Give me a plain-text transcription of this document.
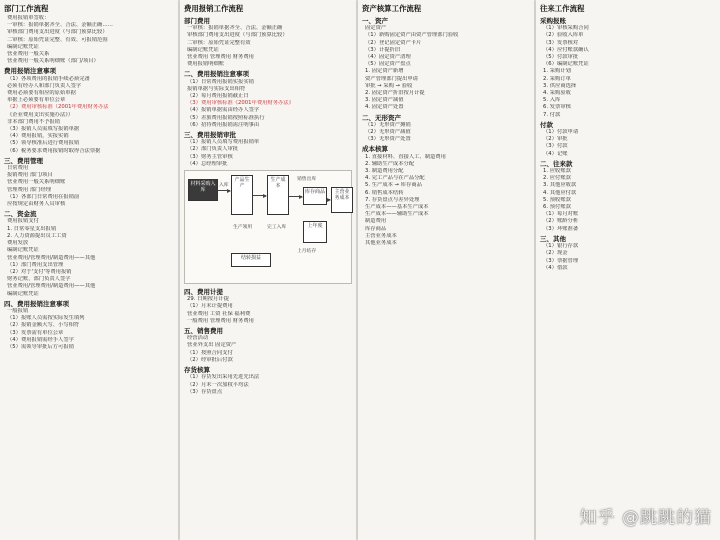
部门工作流程
费用报销单签收：
一审核：报销单据齐全、合法、金额正确……
审核部门费用支出进度（与部门预算比较）
二审核：原始凭证完整、有效、可报销范围
编制记账凭证
营业费用一般关系
营业费用一般关系明细账（部门/项目）
费用报销注意事项
（1）各项费用的报销手续必须完备
必须有经办人和部门负责人签字
费用必须要有相应的原始单据
单据上必须要有单位公章
（2）费用审核标准（2001年费用财务办法
《企业费用支出实施办法》）
非本部门费用不予报销
（3）报销人员需填写报销单据
（4）费用报销，实报实销
（5）领导核准后进行费用报销
（6）税务要求费用报销时取得合法票据
三、费用管理
日常费用
报销费用 部门/项目
营业费用一般关系明细账
管理费用 部门经理
（1）各部门日常费用在报销前
应按规定由财务人员审核
二、资金流
费用报销支付
1. 日常零星支出报销
2. 人力资源提出员工工资
费用发放
编制记账凭证
营业费用/管理费用/制造费用——其他
（1）部门费用支出管理
（2）对于'支付'等费用报销
财务记账，部门负责人签字
营业费用/管理费用/制造费用——其他
编制记账凭证
四、费用报销注意事项
一般报销
（1）报账人员需按实际发生填列
（2）报销金额大写、小写相符
（3）发票需有单位公章
（4）费用报销需经手人签字
（5）需领导审批后方可报销
费用报销工作流程
部门费用
一审核：报销单据齐全、合法、金额正确
审核部门费用支出进度（与部门预算比较）
二审核：原始凭证完整有效
编制记账凭证
营业费用 管理费用 财务费用
费用报销明细账
二、费用报销注意事项
（1）日常费用报销实报实销
报销单据与实际支出相符
（2）每月费用报销截止日
（3）费用审核标准《2001年费用财务办法》
（4）报销单据需由经办人签字
（5）差旅费用报销按照标准执行
（6）招待费用报销需注明事由
三、费用报销审批
（1）报销人员填写费用报销单
（2）部门负责人审批
（3）财务主管审核
（4）总经理审批
材料采购入库
产品生产
生产成本
库存商品
上年度
主营业务成本
结转损益
入库
生产领用	完工入库
销售出库
上月结存
四、费用计提
29. 日期按月计提
（1）月末计提费用
营业费用 工资 社保 福利费
一般费用 管理费用 财务费用
五、销售费用
经营活动
营业外支出 固定资产
（1）按照合同支付
（2）经审批后付款
存货核算
（1）存货发出采用先进先出法
（2）月末一次加权平均法
（3）存货盘点
资产核算工作流程
一、资产
固定资产
（1）新购固定资产由资产管理部门验收
（2）登记固定资产卡片
（3）计提折旧
（4）固定资产清理
（5）固定资产盘点
1. 固定资产新增
资产管理部门提出申请
审批 → 采购 → 验收
2. 固定资产折旧按月计提
3. 固定资产减值
4. 固定资产处置
二、无形资产
（1）无形资产摊销
（2）无形资产减值
（3）无形资产处置
成本核算
1. 直接材料、直接人工、制造费用
2. 辅助生产成本分配
3. 制造费用分配
4. 完工产品与在产品分配
5. 生产成本 → 库存商品
6. 销售成本结转
7. 存货盘点与差异处理
生产成本——基本生产成本
生产成本——辅助生产成本
制造费用
库存商品
主营业务成本
其他业务成本
往来工作流程
采购报账
（1）审核采购合同
（2）验收入库单
（3）发票核对
（4）应付账款确认
（5）付款审批
（6）编制记账凭证
1. 采购计划
2. 采购订单
3. 供应商选择
4. 采购验收
5. 入库
6. 发票审核
7. 付款
付款
（1）付款申请
（2）审批
（3）付款
（4）记账
二、往来款
1. 应收账款
2. 应付账款
3. 其他应收款
4. 其他应付款
5. 预收账款
6. 预付账款
（1）每月对账
（2）账龄分析
（3）坏账准备
三、其他
（1）银行存款
（2）现金
（3）票据管理
（4）借款
知乎 @跳跳的猫
